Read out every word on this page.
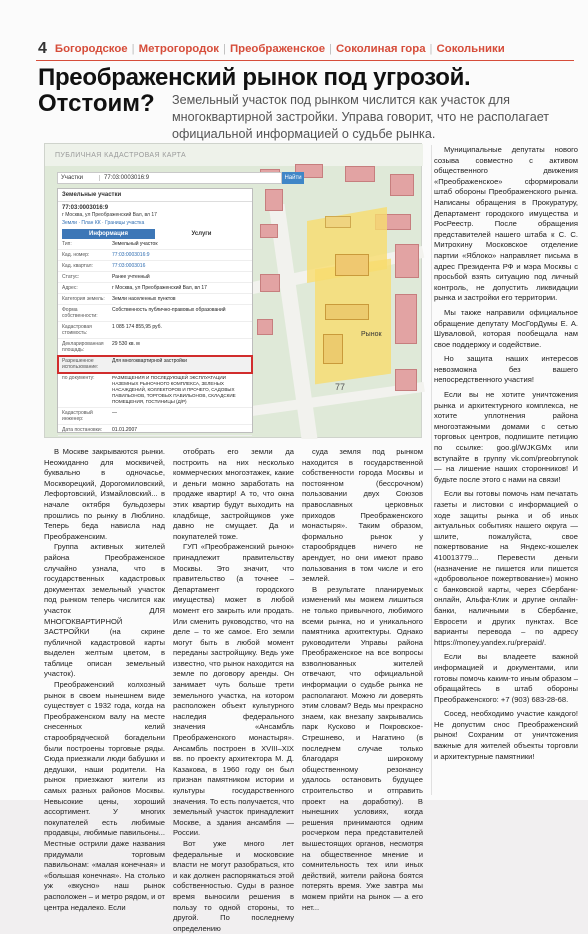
4 Богородское | Метрогородок | Преображенское | Соколиная гора | Сокольники
Преображенский рынок под угрозой.
Отстоим? Земельный участок под рынком числится как участок для многоквартирной застройки. Управа говорит, что не располагает официальной информацией о судьбе рынка.
Рынок
77
ПУБЛИЧНАЯ КАДАСТРОВАЯ КАРТА
Участки	77:03:0003016:9	Найти
Земельные участки
77:03:0003016:9
г Москва, ул Преображенский Вал, вл 17
Земли · План КК · Границы участка
Информация	Услуги
Тип:	Земельный участок
Кад. номер:	77:03:0003016:9
Кад. квартал:	77:03:0003016
Статус:	Ранее учтенный
Адрес:	г Москва, ул Преображенский Вал, вл 17
Категория земель:	Земли населенных пунктов
Форма собственности:
Собственность публично-правовых образований
Кадастровая стоимость:
1 085 174 855,95 руб.
Декларированная площадь:
29 530 кв. м
Разрешенное использование:
Для многоквартирной застройки
по документу:	РАЗМЕЩЕНИЯ И ПОСЛЕДУЮЩЕЙ ЭКСПЛУАТАЦИИ НАЗЕМНЫХ РЫНОЧНОГО КОМПЛЕКСА, ЗЕЛЕНЫХ НАСАЖДЕНИЙ, КОЛЛЕКТОРОВ И ПРОЧЕГО, САДОВЫХ ПАВИЛЬОНОВ, ТОРГОВЫХ ПАВИЛЬОНОВ, СКЛАДСКИЕ ПОМЕЩЕНИЯ, ГОСТИНИЦЫ (Д/Р)
Кадастровый инженер:
—
Дата постановки:	01.01.2007

В Москве закрываются рынки. Неожиданно для москвичей, буквально в одночасье, Москворецкий, Дорогомиловский, Лефортовский, Измайловский... в начале октября бульдозеры прошлись по рынку в Люблино. Теперь беда нависла над Преображенским.

Группа активных жителей района Преображенское случайно узнала, что в государственных кадастровых документах земельный участок под рынком теперь числится как участок ДЛЯ МНОГОКВАРТИРНОЙ ЗАСТРОЙКИ (на скрине публичной кадастровой карты выделен желтым цветом, в таблице описан земельный участок).

Преображенский колхозный рынок в своем нынешнем виде существует с 1932 года, когда на Преображенском валу на месте снесенных келий старообрядческой богадельни были построены торговые ряды. Сюда приезжали люди бабушки и дедушки, наши родители. На рынок приезжают жители из самых разных районов Москвы. Невысокие цены, хороший ассортимент. У многих покупателей есть любимые продавцы, любимые павильоны... Местные острили даже названия придумали торговым павильонам: «малая конечная» и «большая конечная». На столько уж «вкусно» наш рынок расположен – и метро рядом, и от центра недалеко. Если

отобрать его земли да построить на них несколько коммерческих многоэтажек, какие и деньги можно заработать на продаже квартир! А то, что окна этих квартир будут выходить на кладбище, застройщиков уже давно не смущает. Да и покупателей тоже.

ГУП «Преображенский рынок» принадлежит правительству Москвы. Это значит, что правительство (а точнее – Департамент городского имущества) может в любой момент его закрыть или продать. Или сменить руководство, что на деле – то же самое. Его земли могут быть в любой момент переданы застройщику. Ведь уже известно, что рынок находится на земле по договору аренды. Он занимает чуть больше трети земельного участка, на котором расположен объект культурного наследия федерального значения «Ансамбль Преображенского монастыря». Ансамбль построен в XVIII–XIX вв. по проекту архитектора М. Д. Казакова, в 1960 году он был признан памятником истории и культуры государственного значения. То есть получается, что земельный участок принадлежит Москве, а здания ансамбля — России.

Вот уже много лет федеральные и московские власти не могут разобраться, кто и как должен распоряжаться этой собственностью. Суды в разное время выносили решения в пользу то одной стороны, то другой. По последнему определению

суда земля под рынком находится в государственной собственности города Москвы и постоянном (бессрочном) пользовании двух Союзов православных церковных приходов Преображенского монастыря». Таким образом, формально рынок у старообрядцев ничего не арендует, но они имеют право пользования в том числе и его землей.

В результате планируемых изменений мы можем лишиться не только привычного, любимого всеми рынка, но и уникального памятника архитектуры. Однако руководители Управы района Преображенское на все вопросы взволнованных жителей отвечают, что официальной информации о судьбе рынка не располагают. Можно ли доверять этим словам? Ведь мы прекрасно знаем, как внезапу закрывались парк Кусково и Покровское-Стрешнево, и Нагатино (в последнем случае только благодаря широкому общественному резонансу удалось остановить будущее строительство и отправить проект на доработку). В нынешних условиях, когда решения принимаются одним росчерком пера представителей вышестоящих органов, несмотря на общественное мнение и сомнительность тех или иных действий, жители района боятся потерять время. Уже завтра мы можем прийти на рынок — а его нет...

Муниципальные депутаты нового созыва совместно с активом общественного движения «Преображенское» сформировали штаб обороны Преображенского рынка. Написаны обращения в Прокуратуру, Департамент городского имущества и РосРеестр. После обращения представителей нашего штаба к С. С. Митрохину Московское отделение партии «Яблоко» направляет письма в адрес Президента РФ и мэра Москвы с просьбой взять ситуацию под личный контроль, не допустить ликвидации рынка и застройки его территории.

Мы также направили официальное обращение депутату МосГорДумы Е. А. Шуваловой, которая пообещала нам свое поддержку и содействие.

Но защита наших интересов невозможна без вашего непосредственного участия!

Если вы не хотите уничтожения рынка и архитектурного комплекса, не хотите уплотнения района многоэтажными домами с сетью торговых центров, подпишите петицию по ссылке: goo.gl/WJKGMx или вступайте в группу vk.com/preobrrynok — на лишение наших сторонников! И будьте после этого с нами на связи!

Если вы готовы помочь нам печатать газеты и листовки с информацией о ходе защиты рынка и об иных актуальных событиях нашего округа — шлите, пожалуйста, свое пожертвование на Яндекс-кошелек 410013779... Перевести деньги (назначение не пишется или пишется «добровольное пожертвование») можно с банковской карты, через Сбербанк-онлайн, Альфа-Клик и другие онлайн-банки, наличными в Сбербанке, Евросети и других пунктах. Все варианты перевода – по адресу https://money.yandex.ru/prepaid/.

Если вы владеете важной информацией и документами, или готовы помочь каким-то иным образом – обращайтесь в штаб обороны Преображенского: +7 (903) 683-28-68.

Сосед, необходимо участие каждого! Не допустим снос Преображенский рынок! Сохраним от уничтожения важные для жителей объекты торговли и архитектурные памятники!
